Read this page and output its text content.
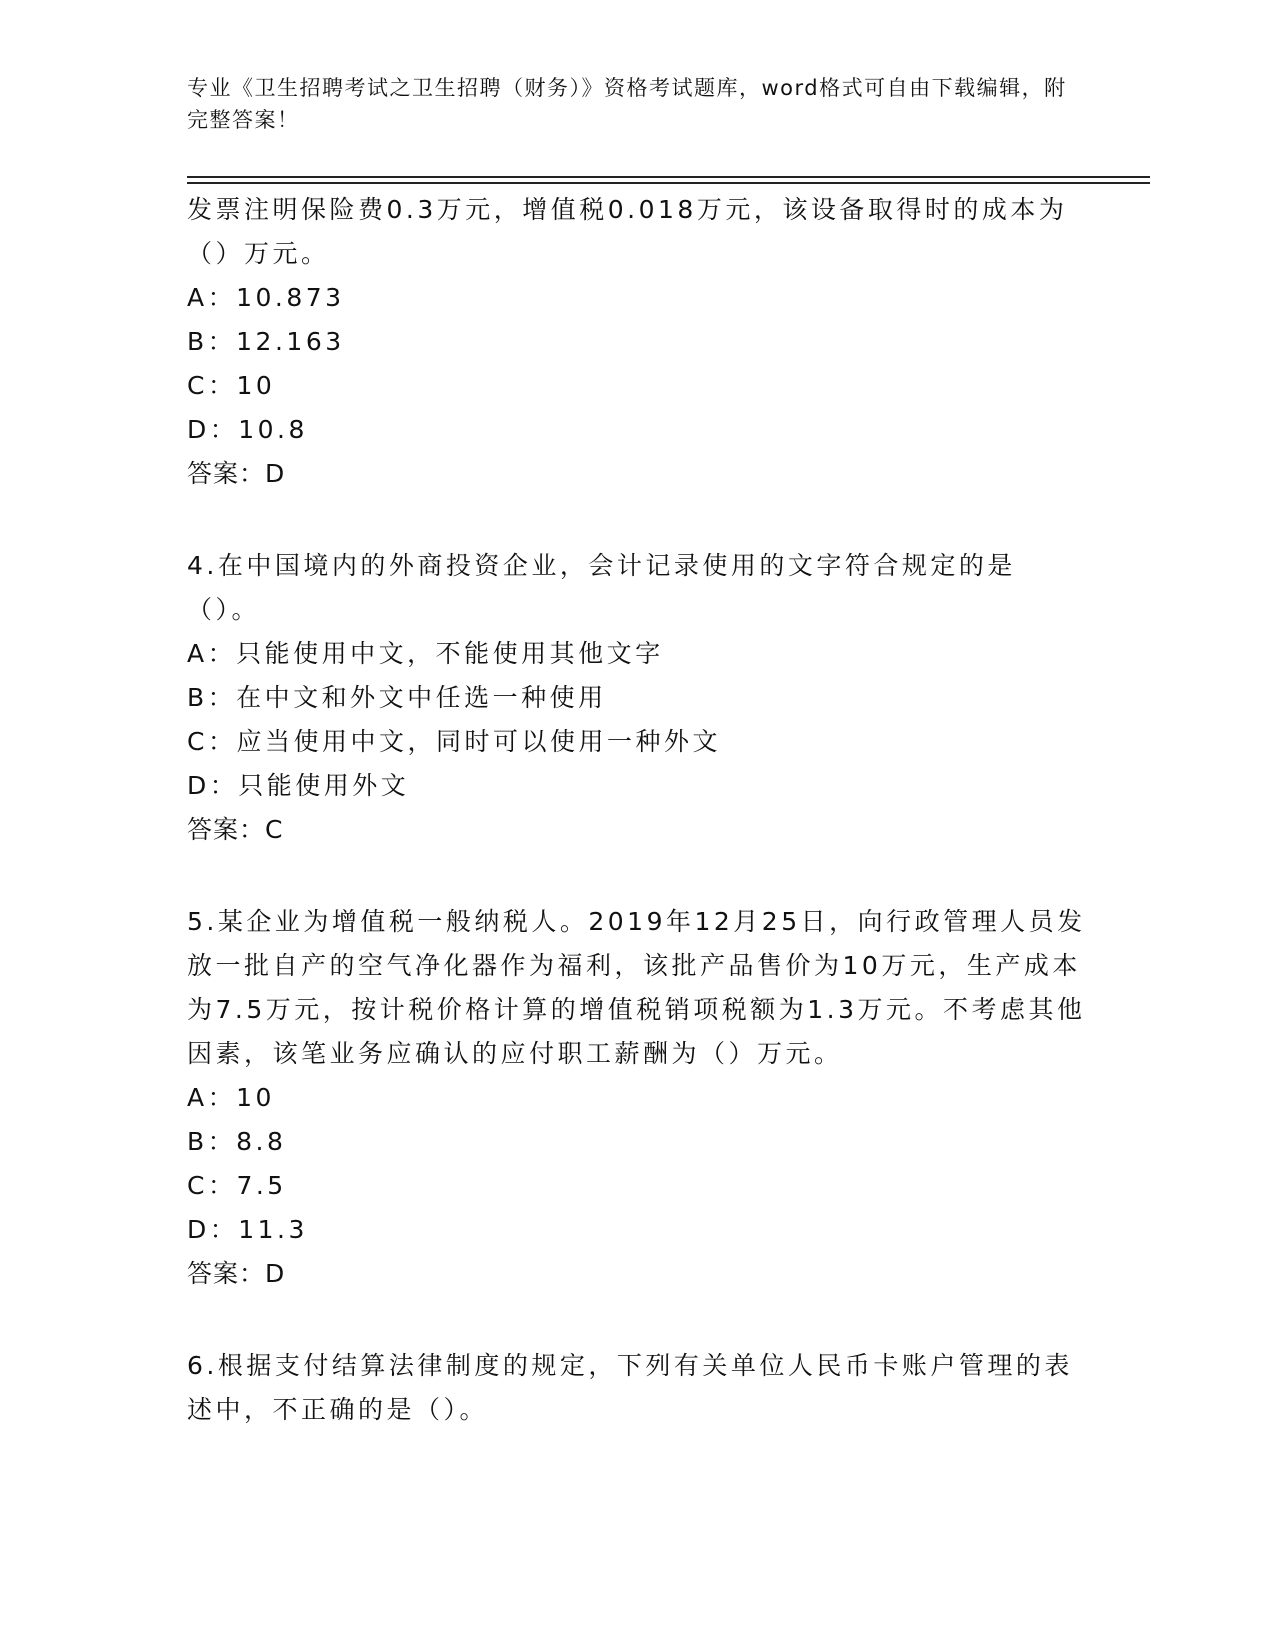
专业《卫生招聘考试之卫生招聘（财务）》资格考试题库，word格式可自由下载编辑，附完整答案！

发票注明保险费0.3万元，增值税0.018万元，该设备取得时的成本为（）万元。

A：10.873

B：12.163

C：10

D：10.8

答案：D

4.在中国境内的外商投资企业，会计记录使用的文字符合规定的是（）。

A：只能使用中文，不能使用其他文字

B：在中文和外文中任选一种使用

C：应当使用中文，同时可以使用一种外文

D：只能使用外文

答案：C

5.某企业为增值税一般纳税人。2019年12月25日，向行政管理人员发放一批自产的空气净化器作为福利，该批产品售价为10万元，生产成本为7.5万元，按计税价格计算的增值税销项税额为1.3万元。不考虑其他因素，该笔业务应确认的应付职工薪酬为（）万元。

A：10

B：8.8

C：7.5

D：11.3

答案：D

6.根据支付结算法律制度的规定，下列有关单位人民币卡账户管理的表述中，不正确的是（）。
